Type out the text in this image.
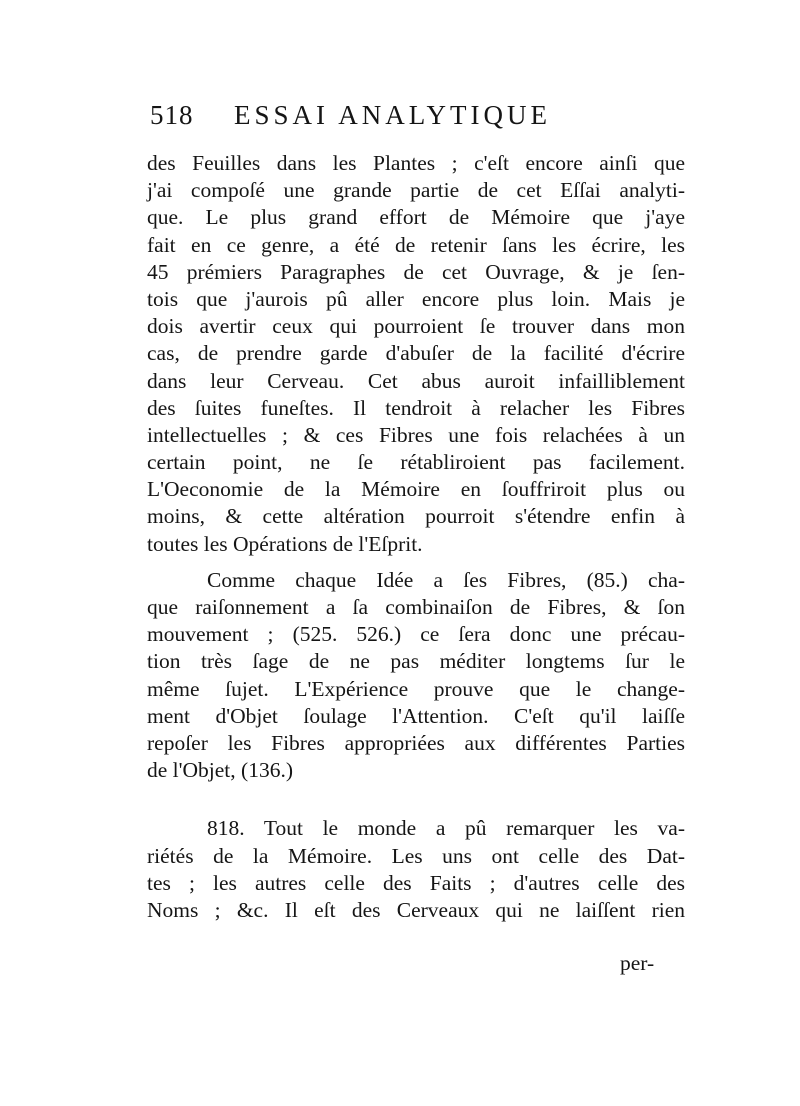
518 ESSAI ANALYTIQUE
des Feuilles dans les Plantes ; c'eſt encore ainſi que
j'ai compoſé une grande partie de cet Eſſai analyti-
que. Le plus grand effort de Mémoire que j'aye
fait en ce genre, a été de retenir ſans les écrire, les
45 prémiers Paragraphes de cet Ouvrage, & je ſen-
tois que j'aurois pû aller encore plus loin. Mais je
dois avertir ceux qui pourroient ſe trouver dans mon
cas, de prendre garde d'abuſer de la facilité d'écrire
dans leur Cerveau. Cet abus auroit infailliblement
des ſuites funeſtes. Il tendroit à relacher les Fibres
intellectuelles ; & ces Fibres une fois relachées à un
certain point, ne ſe rétabliroient pas facilement.
L'Oeconomie de la Mémoire en ſouffriroit plus ou
moins, & cette altération pourroit s'étendre enfin à
toutes les Opérations de l'Eſprit.
Comme chaque Idée a ſes Fibres, (85.) cha-
que raiſonnement a ſa combinaiſon de Fibres, & ſon
mouvement ; (525. 526.) ce ſera donc une précau-
tion très ſage de ne pas méditer longtems ſur le
même ſujet. L'Expérience prouve que le change-
ment d'Objet ſoulage l'Attention. C'eſt qu'il laiſſe
repoſer les Fibres appropriées aux différentes Parties
de l'Objet, (136.)
818. Tout le monde a pû remarquer les va-
riétés de la Mémoire. Les uns ont celle des Dat-
tes ; les autres celle des Faits ; d'autres celle des
Noms ; &c. Il eſt des Cerveaux qui ne laiſſent rien
per-
